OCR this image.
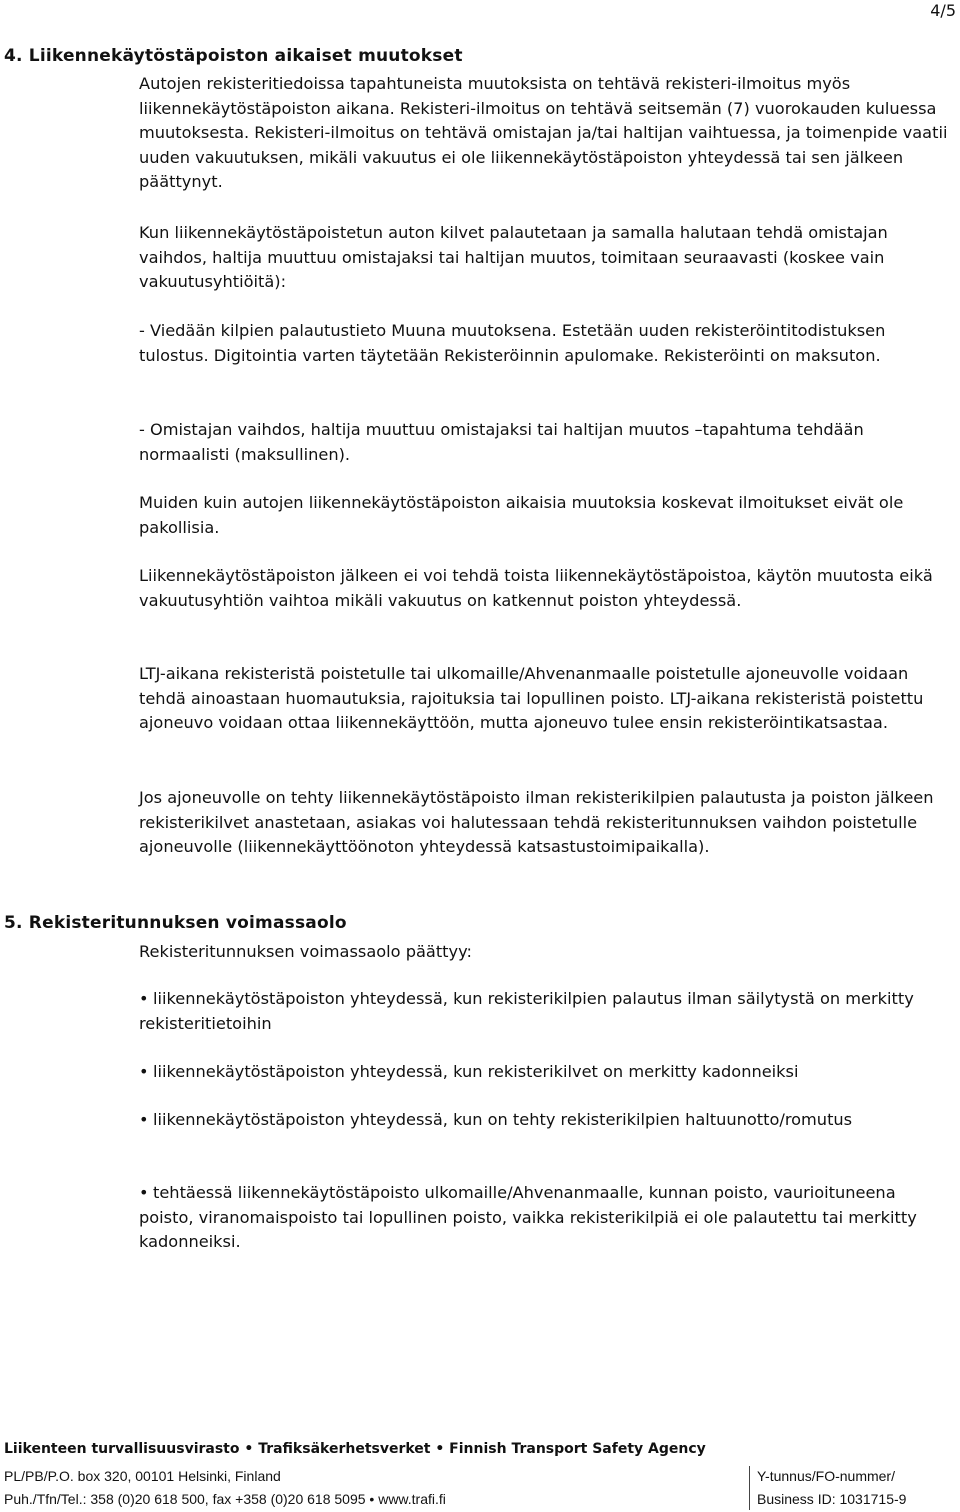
4/5
4. Liikennekäytöstäpoiston aikaiset muutokset

Autojen rekisteritiedoissa tapahtuneista muutoksista on tehtävä rekisteri-ilmoitus myös liikennekäytöstäpoiston aikana. Rekisteri-ilmoitus on tehtävä seitsemän (7) vuorokauden kuluessa muutoksesta. Rekisteri-ilmoitus on tehtävä omistajan ja/tai haltijan vaihtuessa, ja toimenpide vaatii uuden vakuutuksen, mikäli vakuutus ei ole liikennekäytöstäpoiston yhteydessä tai sen jälkeen päättynyt.

Kun liikennekäytöstäpoistetun auton kilvet palautetaan ja samalla halutaan tehdä omistajan vaihdos, haltija muuttuu omistajaksi tai haltijan muutos, toimitaan seuraavasti (koskee vain vakuutusyhtiöitä):

- Viedään kilpien palautustieto Muuna muutoksena. Estetään uuden rekisteröintitodistuksen tulostus. Digitointia varten täytetään Rekisteröinnin apulomake. Rekisteröinti on maksuton.

- Omistajan vaihdos, haltija muuttuu omistajaksi tai haltijan muutos –tapahtuma tehdään normaalisti (maksullinen).

Muiden kuin autojen liikennekäytöstäpoiston aikaisia muutoksia koskevat ilmoitukset eivät ole pakollisia.

Liikennekäytöstäpoiston jälkeen ei voi tehdä toista liikennekäytöstäpoistoa, käytön muutosta eikä vakuutusyhtiön vaihtoa mikäli vakuutus on katkennut poiston yhteydessä.

LTJ-aikana rekisteristä poistetulle tai ulkomaille/Ahvenanmaalle poistetulle ajoneuvolle voidaan tehdä ainoastaan huomautuksia, rajoituksia tai lopullinen poisto. LTJ-aikana rekisteristä poistettu ajoneuvo voidaan ottaa liikennekäyttöön, mutta ajoneuvo tulee ensin rekisteröintikatsastaa.

Jos ajoneuvolle on tehty liikennekäytöstäpoisto ilman rekisterikilpien palautusta ja poiston jälkeen rekisterikilvet anastetaan, asiakas voi halutessaan tehdä rekisteritunnuksen vaihdon poistetulle ajoneuvolle (liikennekäyttöönoton yhteydessä katsastustoimipaikalla).

5. Rekisteritunnuksen voimassaolo

Rekisteritunnuksen voimassaolo päättyy:

• liikennekäytöstäpoiston yhteydessä, kun rekisterikilpien palautus ilman säilytystä on merkitty rekisteritietoihin

• liikennekäytöstäpoiston yhteydessä, kun rekisterikilvet on merkitty kadonneiksi

• liikennekäytöstäpoiston yhteydessä, kun on tehty rekisterikilpien haltuunotto/romutus

• tehtäessä liikennekäytöstäpoisto ulkomaille/Ahvenanmaalle, kunnan poisto, vaurioituneena poisto, viranomaispoisto tai lopullinen poisto, vaikka rekisterikilpiä ei ole palautettu tai merkitty kadonneiksi.

Liikenteen turvallisuusvirasto • Trafiksäkerhetsverket • Finnish Transport Safety Agency
PL/PB/P.O. box 320, 00101 Helsinki, Finland
Puh./Tfn/Tel.: 358 (0)20 618 500, fax +358 (0)20 618 5095 • www.trafi.fi
Y-tunnus/FO-nummer/
Business ID: 1031715-9
